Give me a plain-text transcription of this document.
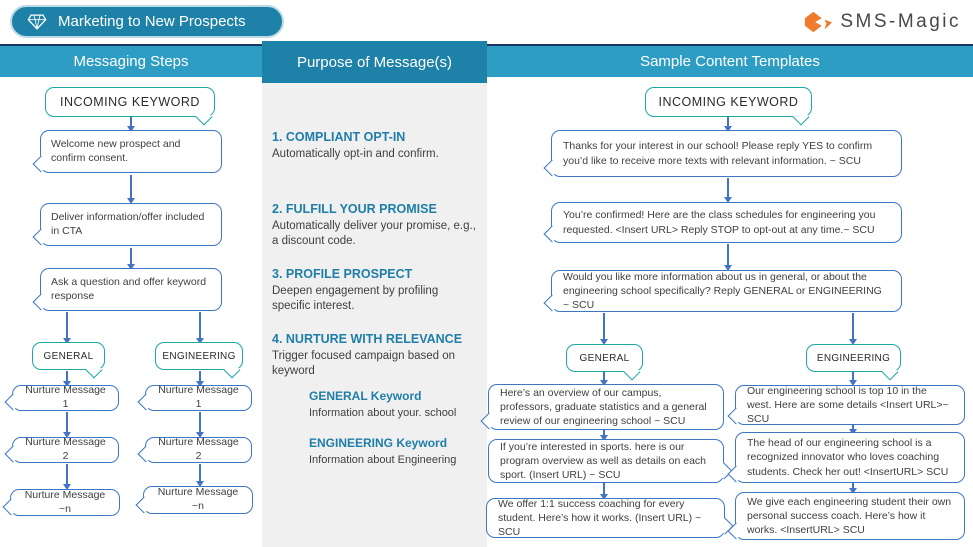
Marketing to New Prospects	SMS-Magic
Messaging Steps	Sample Content Templates
Purpose of Message(s)
INCOMING KEYWORD
Welcome new prospect and confirm consent.
Deliver information/offer included in CTA
Ask a question and offer keyword response
GENERAL	ENGINEERING
Nurture Message 1
Nurture Message 1
Nurture Message 2
Nurture Message 2
Nurture Message ~n
Nurture Message ~n
1. COMPLIANT OPT-IN
Automatically opt-in and confirm.
2. FULFILL YOUR PROMISE
Automatically deliver your promise, e.g., a discount code.
3. PROFILE PROSPECT
Deepen engagement by profiling specific interest.
4. NURTURE WITH RELEVANCE
Trigger focused campaign based on keyword
GENERAL Keyword
Information about your. school
ENGINEERING Keyword
Information about Engineering
INCOMING KEYWORD
Thanks for your interest in our school! Please reply YES to confirm you’d like to receive more texts with relevant information. ~ SCU
You’re confirmed! Here are the class schedules for engineering you requested. <Insert URL> Reply STOP to opt-out at any time.~ SCU
Would you like more information about us in general, or about the engineering school specifically? Reply GENERAL or ENGINEERING ~ SCU
GENERAL	ENGINEERING
Here’s an overview of our campus, professors, graduate statistics and a general review of our engineering school ~ SCU
If you’re interested in sports. here is our program overview as well as details on each sport. (Insert URL) ~ SCU
We offer 1:1 success coaching for every student. Here’s how it works. (Insert URL) ~ SCU
Our engineering school is top 10 in the west. Here are some details <Insert URL>~ SCU
The head of our engineering school is a recognized innovator who loves coaching students. Check her out! <InsertURL> SCU
We give each engineering student their own personal success coach. Here’s how it works. <InsertURL> SCU
